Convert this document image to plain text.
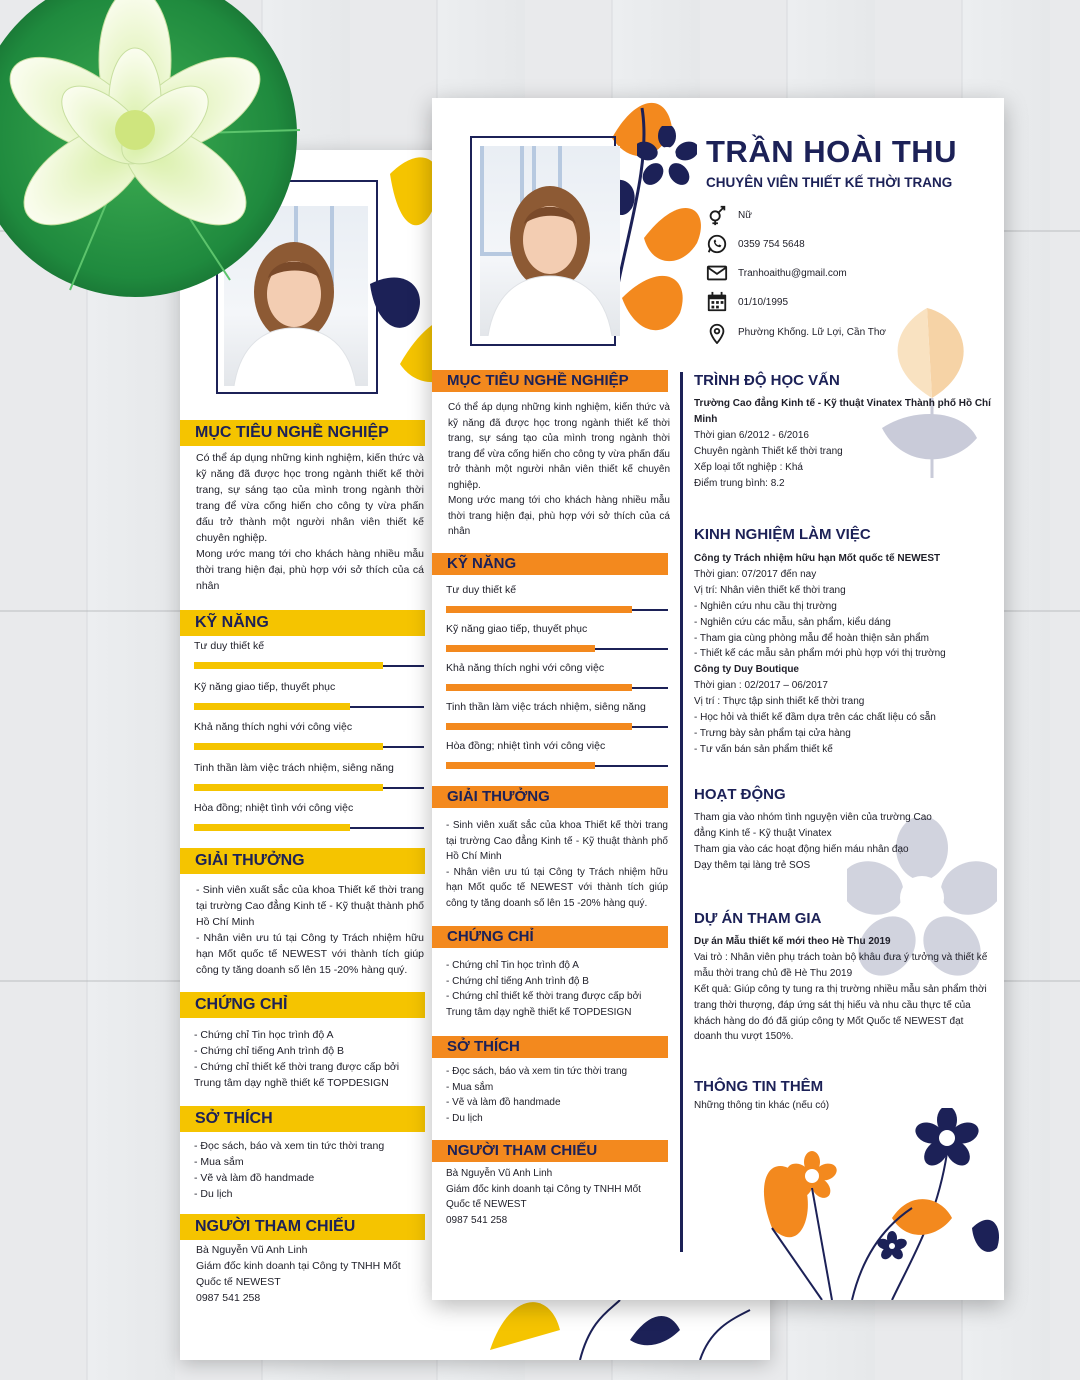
MỤC TIÊU NGHỀ NGHIỆP
Có thể áp dụng những kinh nghiệm, kiến thức và kỹ năng đã được học trong ngành thiết kế thời trang, sự sáng tạo của mình trong ngành thời trang để vừa cống hiến cho công ty vừa phấn đấu trở thành một người nhân viên thiết kế chuyên nghiệp.
Mong ước mang tới cho khách hàng nhiều mẫu thời trang hiện đại, phù hợp với sở thích của cá nhân
KỸ NĂNG
Tư duy thiết kế
Kỹ năng giao tiếp, thuyết phục
Khả năng thích nghi với công việc
Tinh thần làm việc trách nhiệm, siêng năng
Hòa đồng; nhiệt tình với công việc
GIẢI THƯỞNG
- Sinh viên xuất sắc của khoa Thiết kế thời trang tại trường Cao đẳng Kinh tế - Kỹ thuật thành phố Hồ Chí Minh
- Nhân viên ưu tú tại Công ty Trách nhiệm hữu hạn Mốt quốc tế NEWEST với thành tích giúp công ty tăng doanh số lên 15 -20% hàng quý.
CHỨNG CHỈ
- Chứng chỉ Tin học trình độ A
- Chứng chỉ tiếng Anh trình độ B
- Chứng chỉ thiết kế thời trang được cấp bởi
Trung tâm dạy nghề thiết kế TOPDESIGN
SỞ THÍCH
- Đọc sách, báo và xem tin tức thời trang
- Mua sắm
- Vẽ và làm đồ handmade
- Du lịch
NGƯỜI THAM CHIẾU
Bà Nguyễn Vũ Anh Linh
Giám đốc kinh doanh tại Công ty TNHH Mốt
Quốc tế NEWEST
0987 541 258
TRẦN HOÀI THU
CHUYÊN VIÊN THIẾT KẾ THỜI TRANG
Nữ
0359 754 5648
Tranhoaithu@gmail.com
01/10/1995
Phường Khống. Lữ Lợi, Cần Thơ
MỤC TIÊU NGHỀ NGHIỆP
Có thể áp dụng những kinh nghiệm, kiến thức và kỹ năng đã được học trong ngành thiết kế thời trang, sự sáng tạo của mình trong ngành thời trang để vừa cống hiến cho công ty vừa phấn đấu trở thành một người nhân viên thiết kế chuyên nghiệp.
Mong ước mang tới cho khách hàng nhiều mẫu thời trang hiện đại, phù hợp với sở thích của cá nhân
KỸ NĂNG
Tư duy thiết kế
Kỹ năng giao tiếp, thuyết phục
Khả năng thích nghi với công việc
Tinh thần làm việc trách nhiệm, siêng năng
Hòa đồng; nhiệt tình với công việc
GIẢI THƯỞNG
- Sinh viên xuất sắc của khoa Thiết kế thời trang tại trường Cao đẳng Kinh tế - Kỹ thuật thành phố Hồ Chí Minh
- Nhân viên ưu tú tại Công ty Trách nhiệm hữu hạn Mốt quốc tế NEWEST với thành tích giúp công ty tăng doanh số lên 15 -20% hàng quý.
CHỨNG CHỈ
- Chứng chỉ Tin học trình độ A
- Chứng chỉ tiếng Anh trình độ B
- Chứng chỉ thiết kế thời trang được cấp bởi
Trung tâm dạy nghề thiết kế TOPDESIGN
SỞ THÍCH
- Đọc sách, báo và xem tin tức thời trang
- Mua sắm
- Vẽ và làm đồ handmade
- Du lịch
NGƯỜI THAM CHIẾU
Bà Nguyễn Vũ Anh Linh
Giám đốc kinh doanh tại Công ty TNHH Mốt
Quốc tế NEWEST
0987 541 258
TRÌNH ĐỘ HỌC VẤN
Trường Cao đẳng Kinh tế - Kỹ thuật Vinatex Thành phố Hồ Chí Minh
Thời gian 6/2012 - 6/2016
Chuyên ngành Thiết kế thời trang
Xếp loại tốt nghiệp : Khá
Điểm trung bình: 8.2
KINH NGHIỆM LÀM VIỆC
Công ty Trách nhiệm hữu hạn Mốt quốc tế NEWEST
Thời gian: 07/2017 đến nay
Vị trí: Nhân viên thiết kế thời trang
- Nghiên cứu nhu cầu thị trường
- Nghiên cứu các mẫu, sản phẩm, kiểu dáng
- Tham gia cùng phòng mẫu để hoàn thiện sản phẩm
- Thiết kế các mẫu sản phẩm mới phù hợp với thị trường
Công ty Duy Boutique
Thời gian : 02/2017 – 06/2017
Vị trí : Thực tập sinh thiết kế thời trang
- Học hỏi và thiết kế đầm dựa trên các chất liệu có sẵn
- Trưng bày sản phẩm tại cửa hàng
- Tư vấn bán sản phẩm thiết kế
HOẠT ĐỘNG
Tham gia vào nhóm tình nguyện viên của trường Cao
đẳng Kinh tế - Kỹ thuật Vinatex
Tham gia vào các hoạt động hiến máu nhân đạo
Dạy thêm tại làng trẻ SOS
DỰ ÁN THAM GIA
Dự án Mẫu thiết kế mới theo Hè Thu 2019
Vai trò : Nhân viên phụ trách toàn bộ khâu đưa ý tưởng và thiết kế mẫu thời trang chủ đề Hè Thu 2019
Kết quả: Giúp công ty tung ra thị trường nhiều mẫu sản phẩm thời trang thời thượng, đáp ứng sát thị hiếu và nhu cầu thực tế của khách hàng do đó đã giúp công ty Mốt Quốc tế NEWEST đạt doanh thu vượt 150%.
THÔNG TIN THÊM
Những thông tin khác (nếu có)
